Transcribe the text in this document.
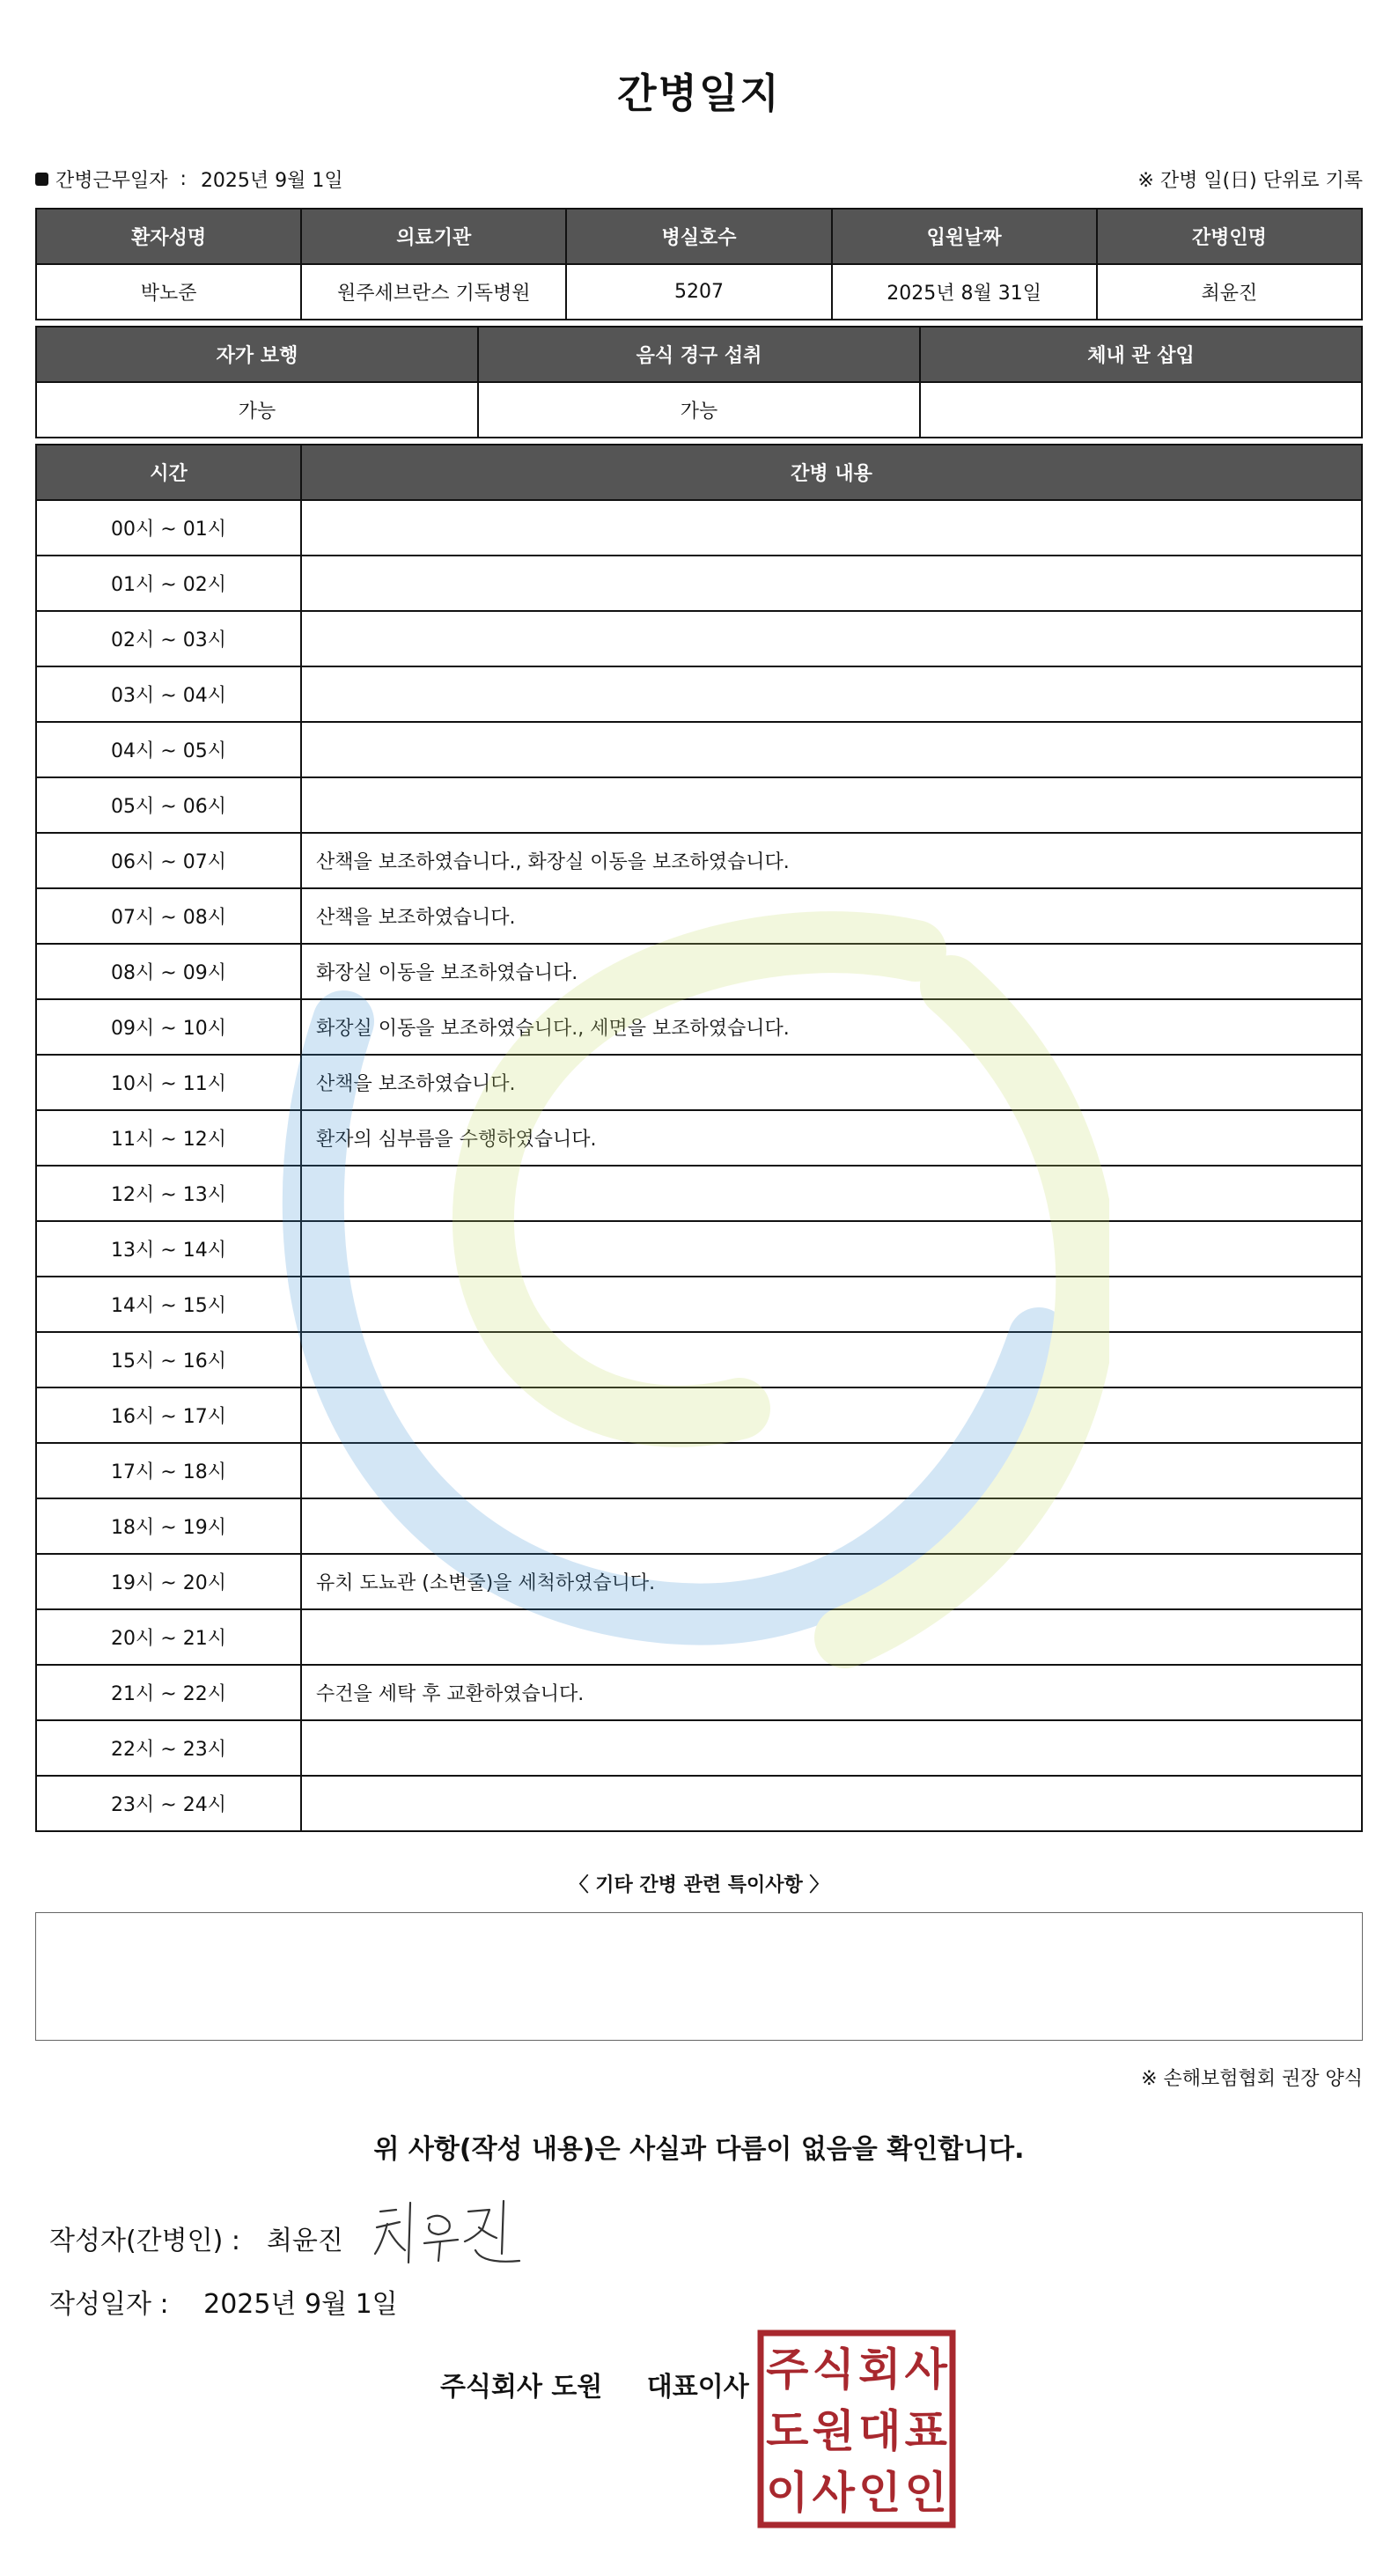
간병일지
간병근무일자 : 2025년 9월 1일	※ 간병 일(日) 단위로 기록
환자성명	의료기관	병실호수	입원날짜	간병인명
박노준	원주세브란스 기독병원	5207	2025년 8월 31일	최윤진
자가 보행	음식 경구 섭취	체내 관 삽입
가능	가능	
시간	간병 내용
00시 ~ 01시	
01시 ~ 02시	
02시 ~ 03시	
03시 ~ 04시	
04시 ~ 05시	
05시 ~ 06시	
06시 ~ 07시	산책을 보조하였습니다., 화장실 이동을 보조하였습니다.
07시 ~ 08시	산책을 보조하였습니다.
08시 ~ 09시	화장실 이동을 보조하였습니다.
09시 ~ 10시	화장실 이동을 보조하였습니다., 세면을 보조하였습니다.
10시 ~ 11시	산책을 보조하였습니다.
11시 ~ 12시	환자의 심부름을 수행하였습니다.
12시 ~ 13시	
13시 ~ 14시	
14시 ~ 15시	
15시 ~ 16시	
16시 ~ 17시	
17시 ~ 18시	
18시 ~ 19시	
19시 ~ 20시	유치 도뇨관 (소변줄)을 세척하였습니다.
20시 ~ 21시	
21시 ~ 22시	수건을 세탁 후 교환하였습니다.
22시 ~ 23시	
23시 ~ 24시	
〈 기타 간병 관련 특이사항 〉
※ 손해보험협회 권장 양식
위 사항(작성 내용)은 사실과 다름이 없음을 확인합니다.
작성자(간병인) : 최윤진
작성일자 : 2025년 9월 1일
주식회사 도원 대표이사 주 식 회 사
도 원 대 표
이 사 인 인
